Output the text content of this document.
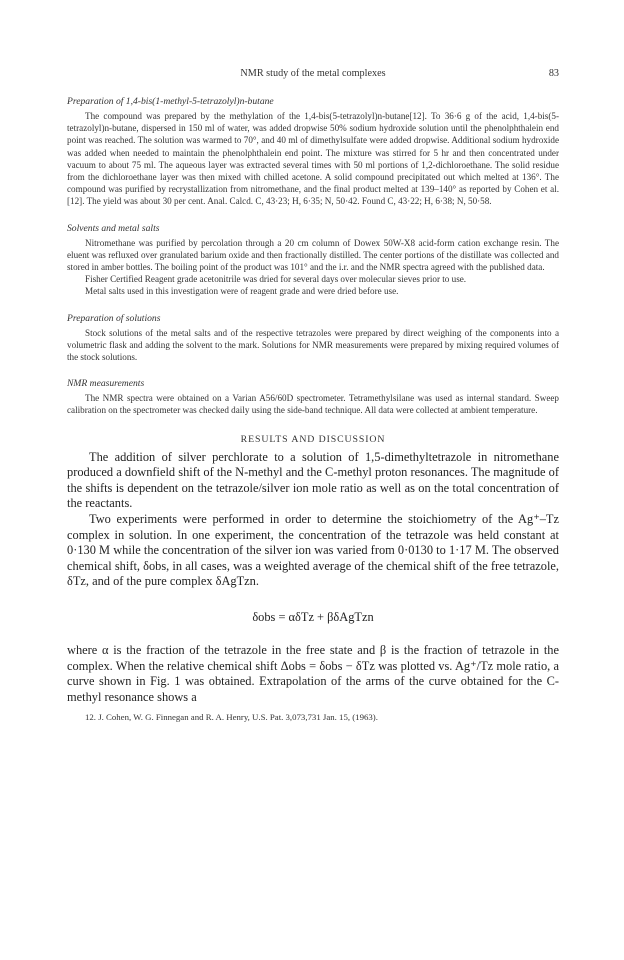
NMR study of the metal complexes	83
Preparation of 1,4-bis(1-methyl-5-tetrazolyl)n-butane

The compound was prepared by the methylation of the 1,4-bis(5-tetrazolyl)n-butane[12]. To 36·6 g of the acid, 1,4-bis(5-tetrazolyl)n-butane, dispersed in 150 ml of water, was added dropwise 50% sodium hydroxide solution until the phenolphthalein end point was reached. The solution was warmed to 70°, and 40 ml of dimethylsulfate were added dropwise. Additional sodium hydroxide was added when needed to maintain the phenolphthalein end point. The mixture was stirred for 5 hr and then concentrated under vacuum to about 75 ml. The aqueous layer was extracted several times with 50 ml portions of 1,2-dichloroethane. The solid residue from the dichloroethane layer was then mixed with chilled acetone. A solid compound precipitated out which melted at 136°. The compound was purified by recrystallization from nitromethane, and the final product melted at 139–140° as reported by Cohen et al.[12]. The yield was about 30 per cent. Anal. Calcd. C, 43·23; H, 6·35; N, 50·42. Found C, 43·22; H, 6·38; N, 50·58.

Solvents and metal salts

Nitromethane was purified by percolation through a 20 cm column of Dowex 50W-X8 acid-form cation exchange resin. The eluent was refluxed over granulated barium oxide and then fractionally distilled. The center portions of the distillate was collected and stored in amber bottles. The boiling point of the product was 101° and the i.r. and the NMR spectra agreed with the published data.

Fisher Certified Reagent grade acetonitrile was dried for several days over molecular sieves prior to use.

Metal salts used in this investigation were of reagent grade and were dried before use.

Preparation of solutions

Stock solutions of the metal salts and of the respective tetrazoles were prepared by direct weighing of the components into a volumetric flask and adding the solvent to the mark. Solutions for NMR measurements were prepared by mixing required volumes of the stock solutions.

NMR measurements

The NMR spectra were obtained on a Varian A56/60D spectrometer. Tetramethylsilane was used as internal standard. Sweep calibration on the spectrometer was checked daily using the side-band technique. All data were collected at ambient temperature.

RESULTS AND DISCUSSION

The addition of silver perchlorate to a solution of 1,5-dimethyltetrazole in nitromethane produced a downfield shift of the N-methyl and the C-methyl proton resonances. The magnitude of the shifts is dependent on the tetrazole/silver ion mole ratio as well as on the total concentration of the reactants.

Two experiments were performed in order to determine the stoichiometry of the Ag⁺–Tz complex in solution. In one experiment, the concentration of the tetrazole was held constant at 0·130 M while the concentration of the silver ion was varied from 0·0130 to 1·17 M. The observed chemical shift, δobs, in all cases, was a weighted average of the chemical shift of the free tetrazole, δTz, and of the pure complex δAgTzn.

δobs = αδTz + βδAgTzn

where α is the fraction of the tetrazole in the free state and β is the fraction of tetrazole in the complex. When the relative chemical shift Δobs = δobs − δTz was plotted vs. Ag⁺/Tz mole ratio, a curve shown in Fig. 1 was obtained. Extrapolation of the arms of the curve obtained for the C-methyl resonance shows a

12. J. Cohen, W. G. Finnegan and R. A. Henry, U.S. Pat. 3,073,731 Jan. 15, (1963).
